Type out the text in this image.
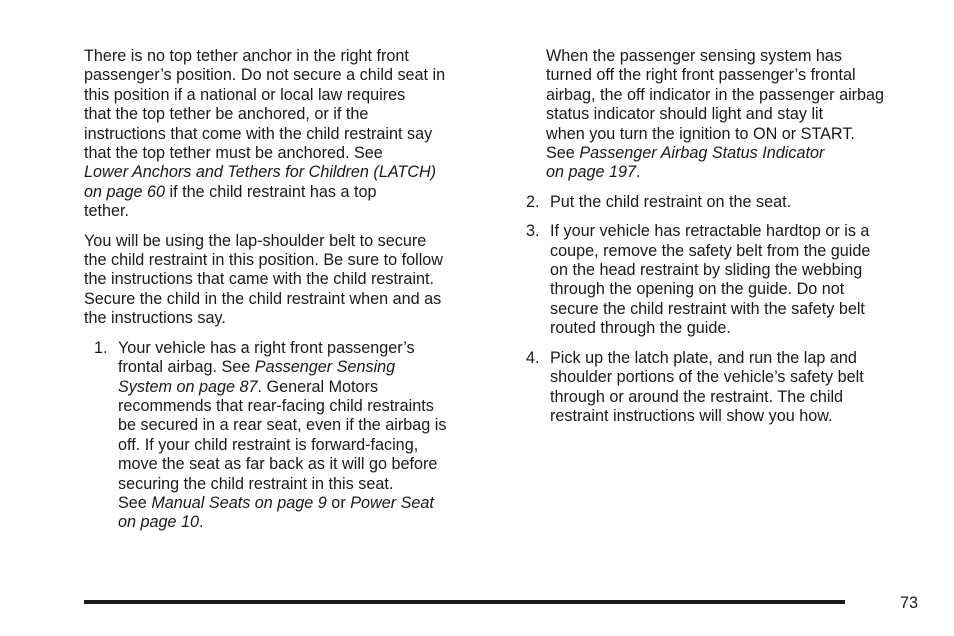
There is no top tether anchor in the right front
passenger’s position. Do not secure a child seat in
this position if a national or local law requires
that the top tether be anchored, or if the
instructions that come with the child restraint say
that the top tether must be anchored. See
Lower Anchors and Tethers for Children (LATCH)
on page 60 if the child restraint has a top
tether.

You will be using the lap-shoulder belt to secure
the child restraint in this position. Be sure to follow
the instructions that came with the child restraint.
Secure the child in the child restraint when and as
the instructions say.

1. Your vehicle has a right front passenger’s
frontal airbag. See Passenger Sensing
System on page 87. General Motors
recommends that rear-facing child restraints
be secured in a rear seat, even if the airbag is
off. If your child restraint is forward-facing,
move the seat as far back as it will go before
securing the child restraint in this seat.
See Manual Seats on page 9 or Power Seat
on page 10.
When the passenger sensing system has
turned off the right front passenger’s frontal
airbag, the off indicator in the passenger airbag
status indicator should light and stay lit
when you turn the ignition to ON or START.
See Passenger Airbag Status Indicator
on page 197.
2. Put the child restraint on the seat.
3. If your vehicle has retractable hardtop or is a
coupe, remove the safety belt from the guide
on the head restraint by sliding the webbing
through the opening on the guide. Do not
secure the child restraint with the safety belt
routed through the guide.
4. Pick up the latch plate, and run the lap and
shoulder portions of the vehicle’s safety belt
through or around the restraint. The child
restraint instructions will show you how.
73
